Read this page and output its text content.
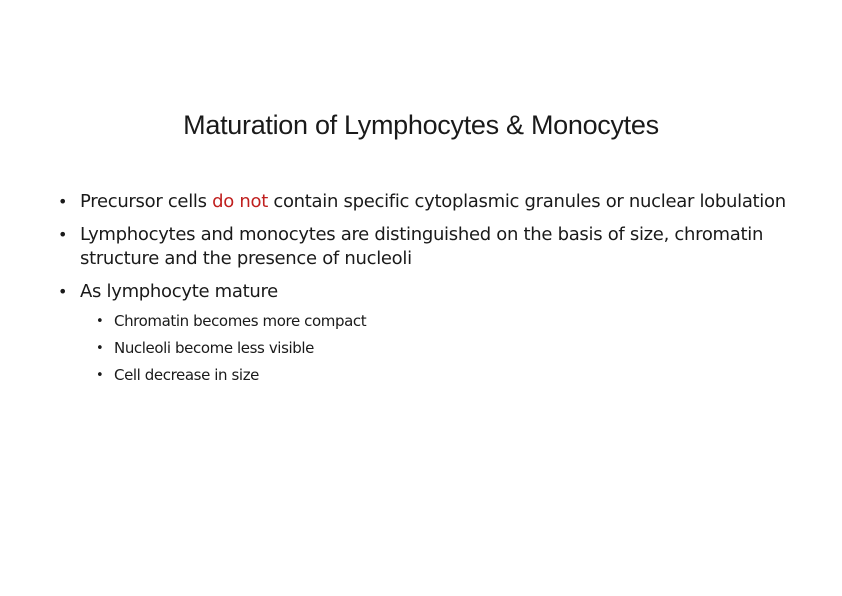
Maturation of Lymphocytes & Monocytes
• Precursor cells do not contain specific cytoplasmic granules or nuclear lobulation
• Lymphocytes and monocytes are distinguished on the basis of size, chromatin structure and the presence of nucleoli
• As lymphocyte mature
• Chromatin becomes more compact
• Nucleoli become less visible
• Cell decrease in size
